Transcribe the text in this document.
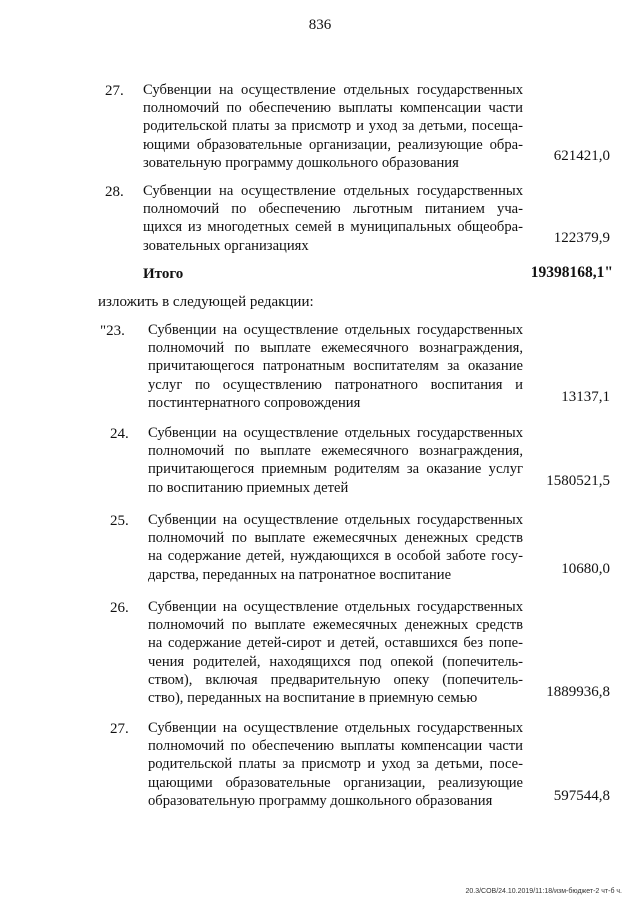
836
27. Субвенции на осуществление отдельных государственных
полномочий по обеспечению выплаты компенсации части
родительской платы за присмотр и уход за детьми, посеща-
ющими образовательные организации, реализующие обра-
зовательную программу дошкольного образования	621421,0
28. Субвенции на осуществление отдельных государственных
полномочий по обеспечению льготным питанием уча-
щихся из многодетных семей в муниципальных общеобра-
зовательных организациях	122379,9
Итого	19398168,1"
изложить в следующей редакции:
"23. Субвенции на осуществление отдельных государственных
полномочий по выплате ежемесячного вознаграждения,
причитающегося патронатным воспитателям за оказание
услуг по осуществлению патронатного воспитания и
постинтернатного сопровождения	13137,1
24. Субвенции на осуществление отдельных государственных
полномочий по выплате ежемесячного вознаграждения,
причитающегося приемным родителям за оказание услуг
по воспитанию приемных детей	1580521,5
25. Субвенции на осуществление отдельных государственных
полномочий по выплате ежемесячных денежных средств
на содержание детей, нуждающихся в особой заботе госу-
дарства, переданных на патронатное воспитание	10680,0
26. Субвенции на осуществление отдельных государственных
полномочий по выплате ежемесячных денежных средств
на содержание детей-сирот и детей, оставшихся без попе-
чения родителей, находящихся под опекой (попечитель-
ством), включая предварительную опеку (попечитель-
ство), переданных на воспитание в приемную семью	1889936,8
27. Субвенции на осуществление отдельных государственных
полномочий по обеспечению выплаты компенсации части
родительской платы за присмотр и уход за детьми, посе-
щающими образовательные организации, реализующие
образовательную программу дошкольного образования	597544,8
20.3/COB/24.10.2019/11:18/изм-бюджет-2 чт-б ч.
